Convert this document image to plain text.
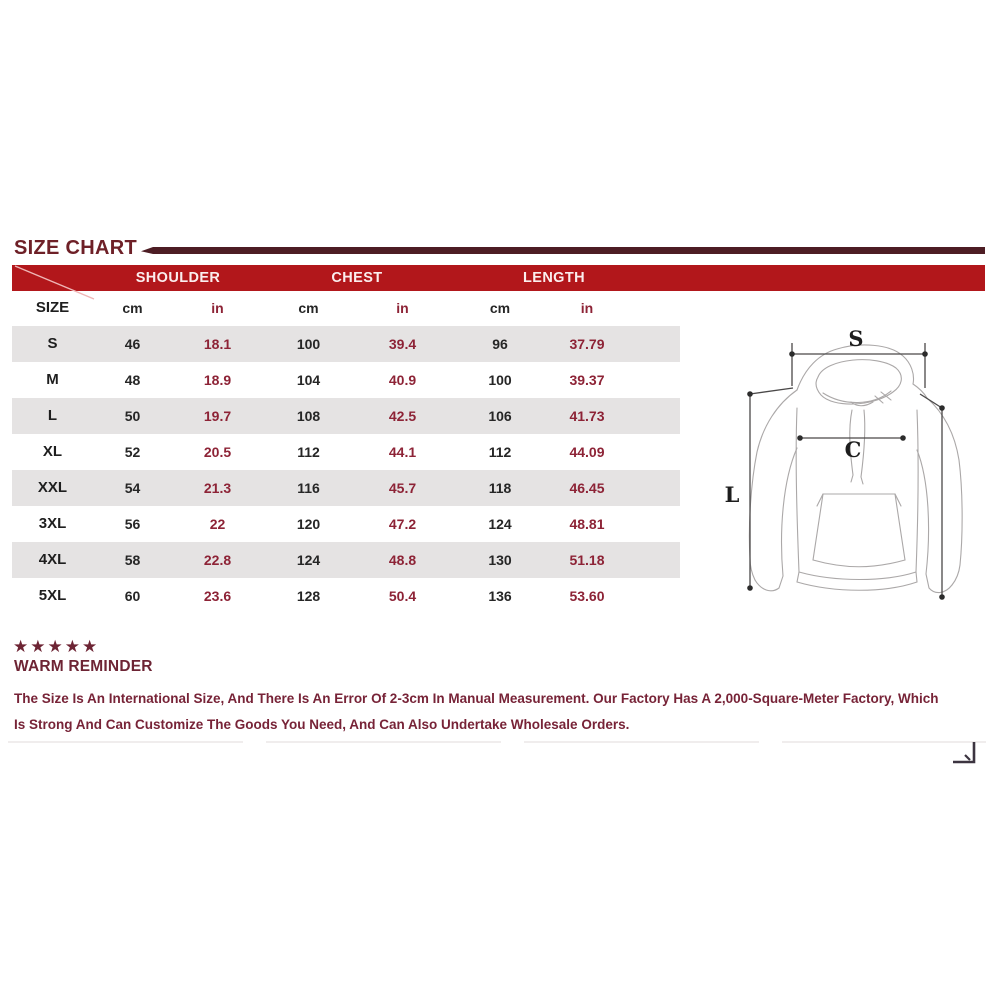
SIZE CHART
SHOULDER	CHEST	LENGTH
SIZE	cm	in	cm	in	cm	in
S	46	18.1	100	39.4	96	37.79
M	48	18.9	104	40.9	100	39.37
L	50	19.7	108	42.5	106	41.73
XL	52	20.5	112	44.1	112	44.09
XXL	54	21.3	116	45.7	118	46.45
3XL	56	22	120	47.2	124	48.81
4XL	58	22.8	124	48.8	130	51.18
5XL	60	23.6	128	50.4	136	53.60
S
C
L
★★★★★
WARM REMINDER
The Size Is An International Size, And There Is An Error Of 2-3cm In Manual Measurement. Our Factory Has A 2,000-Square-Meter Factory, Which
Is Strong And Can Customize The Goods You Need, And Can Also Undertake Wholesale Orders.
